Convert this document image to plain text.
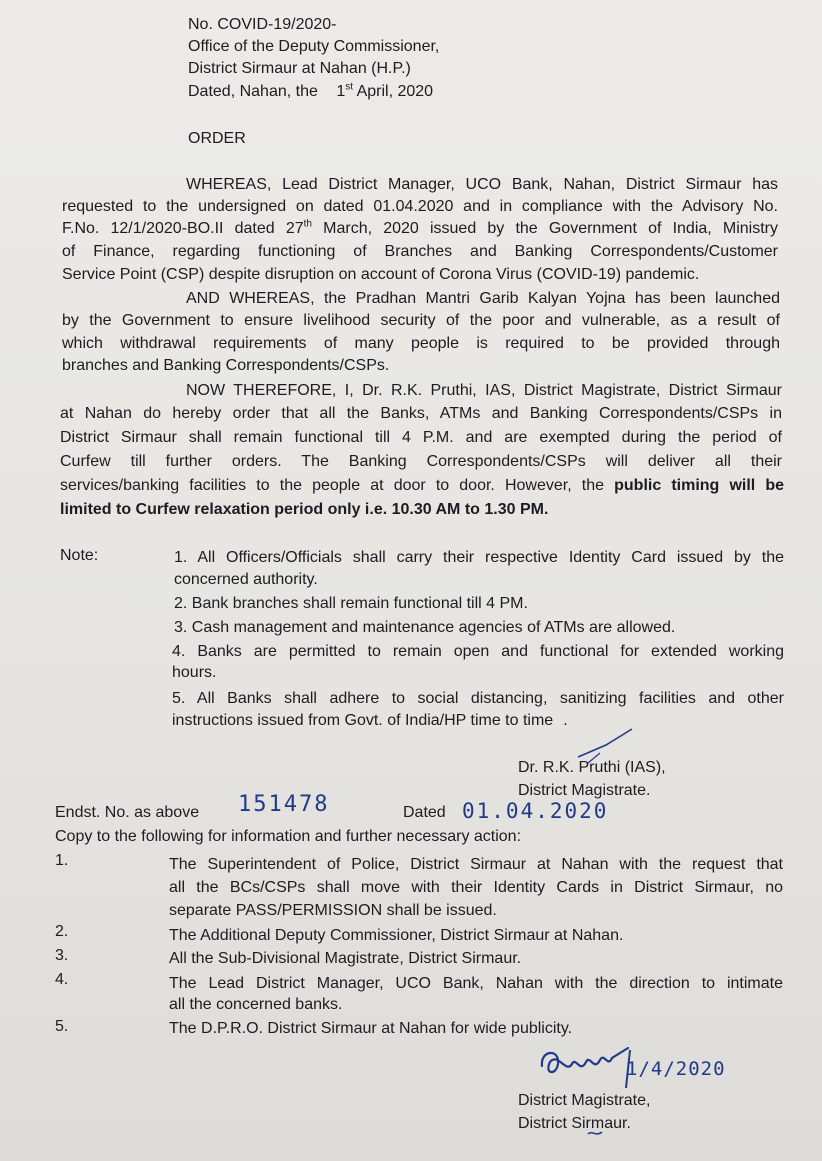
No. COVID-19/2020-
Office of the Deputy Commissioner,
District Sirmaur at Nahan (H.P.)
Dated, Nahan, the 1st April, 2020
ORDER
WHEREAS, Lead District Manager, UCO Bank, Nahan, District Sirmaur has
requested to the undersigned on dated 01.04.2020 and in compliance with the Advisory No.
F.No. 12/1/2020-BO.II dated 27th March, 2020 issued by the Government of India, Ministry
of Finance, regarding functioning of Branches and Banking Correspondents/Customer
Service Point (CSP) despite disruption on account of Corona Virus (COVID-19) pandemic.
AND WHEREAS, the Pradhan Mantri Garib Kalyan Yojna has been launched
by the Government to ensure livelihood security of the poor and vulnerable, as a result of
which withdrawal requirements of many people is required to be provided through
branches and Banking Correspondents/CSPs.
NOW THEREFORE, I, Dr. R.K. Pruthi, IAS, District Magistrate, District Sirmaur
at Nahan do hereby order that all the Banks, ATMs and Banking Correspondents/CSPs in
District Sirmaur shall remain functional till 4 P.M. and are exempted during the period of
Curfew till further orders. The Banking Correspondents/CSPs will deliver all their
services/banking facilities to the people at door to door. However, the public timing will be
limited to Curfew relaxation period only i.e. 10.30 AM to 1.30 PM.
Note:	1. All Officers/Officials shall carry their respective Identity Card issued by the
concerned authority.
2. Bank branches shall remain functional till 4 PM.
3. Cash management and maintenance agencies of ATMs are allowed.
4. Banks are permitted to remain open and functional for extended working
hours.
5. All Banks shall adhere to social distancing, sanitizing facilities and other
instructions issued from Govt. of India/HP time to time .
Dr. R.K. Pruthi (IAS),
District Magistrate.
Endst. No. as above 151478	Dated 01.04.2020
Copy to the following for information and further necessary action:
1.	The Superintendent of Police, District Sirmaur at Nahan with the request that
all the BCs/CSPs shall move with their Identity Cards in District Sirmaur, no
separate PASS/PERMISSION shall be issued.
2.	The Additional Deputy Commissioner, District Sirmaur at Nahan.
3.	All the Sub-Divisional Magistrate, District Sirmaur.
4.	The Lead District Manager, UCO Bank, Nahan with the direction to intimate
all the concerned banks.
5.	The D.P.R.O. District Sirmaur at Nahan for wide publicity.
1/4/2020
District Magistrate,
District Sirmaur.
